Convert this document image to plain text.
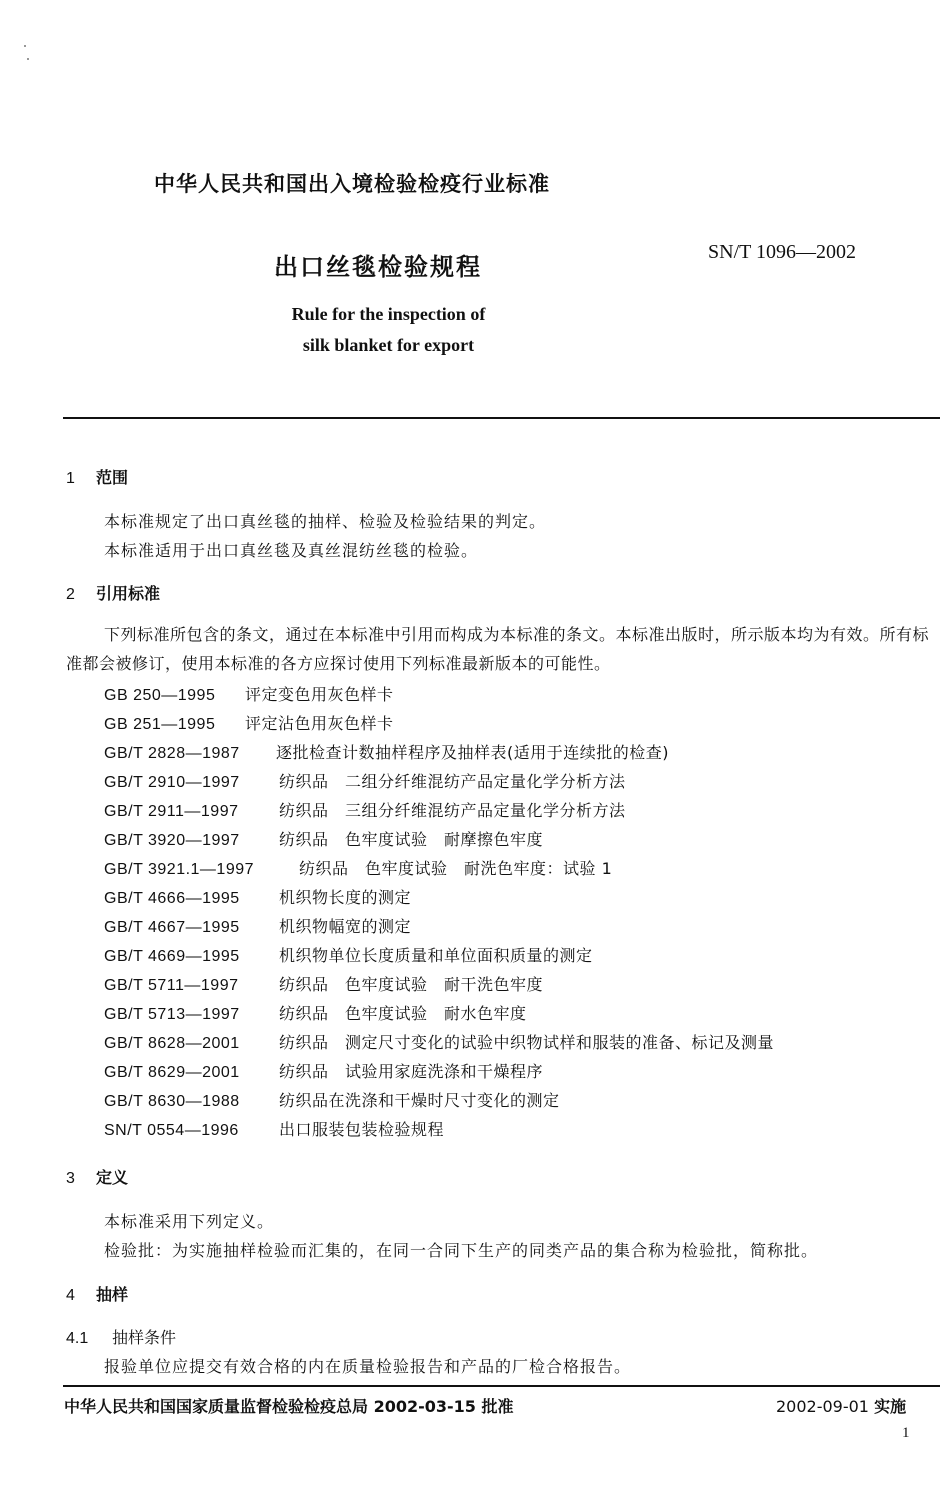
中华人民共和国出入境检验检疫行业标准
出口丝毯检验规程
SN/T 1096—2002
Rule for the inspection of
silk blanket for export
1 范围
本标准规定了出口真丝毯的抽样、检验及检验结果的判定。
本标准适用于出口真丝毯及真丝混纺丝毯的检验。
2 引用标准
下列标准所包含的条文，通过在本标准中引用而构成为本标准的条文。本标准出版时，所示版本均为有效。所有标准都会被修订，使用本标准的各方应探讨使用下列标准最新版本的可能性。
GB 250—1995 评定变色用灰色样卡
GB 251—1995 评定沾色用灰色样卡
GB/T 2828—1987 逐批检查计数抽样程序及抽样表(适用于连续批的检查)
GB/T 2910—1997 纺织品　二组分纤维混纺产品定量化学分析方法
GB/T 2911—1997	纺织品　三组分纤维混纺产品定量化学分析方法
GB/T 3920—1997 纺织品　色牢度试验　耐摩擦色牢度
GB/T 3921.1—1997	纺织品　色牢度试验　耐洗色牢度：试验 1
GB/T 4666—1995 机织物长度的测定
GB/T 4667—1995 机织物幅宽的测定
GB/T 4669—1995 机织物单位长度质量和单位面积质量的测定
GB/T 5711—1997	纺织品　色牢度试验　耐干洗色牢度
GB/T 5713—1997 纺织品　色牢度试验　耐水色牢度
GB/T 8628—2001 纺织品　测定尺寸变化的试验中织物试样和服装的准备、标记及测量
GB/T 8629—2001 纺织品　试验用家庭洗涤和干燥程序
GB/T 8630—1988 纺织品在洗涤和干燥时尺寸变化的测定
SN/T 0554—1996	出口服装包装检验规程
3 定义
本标准采用下列定义。
检验批：为实施抽样检验而汇集的，在同一合同下生产的同类产品的集合称为检验批，简称批。
4 抽样
4.1 抽样条件
报验单位应提交有效合格的内在质量检验报告和产品的厂检合格报告。
中华人民共和国国家质量监督检验检疫总局 2002-03-15 批准	2002-09-01 实施
1
